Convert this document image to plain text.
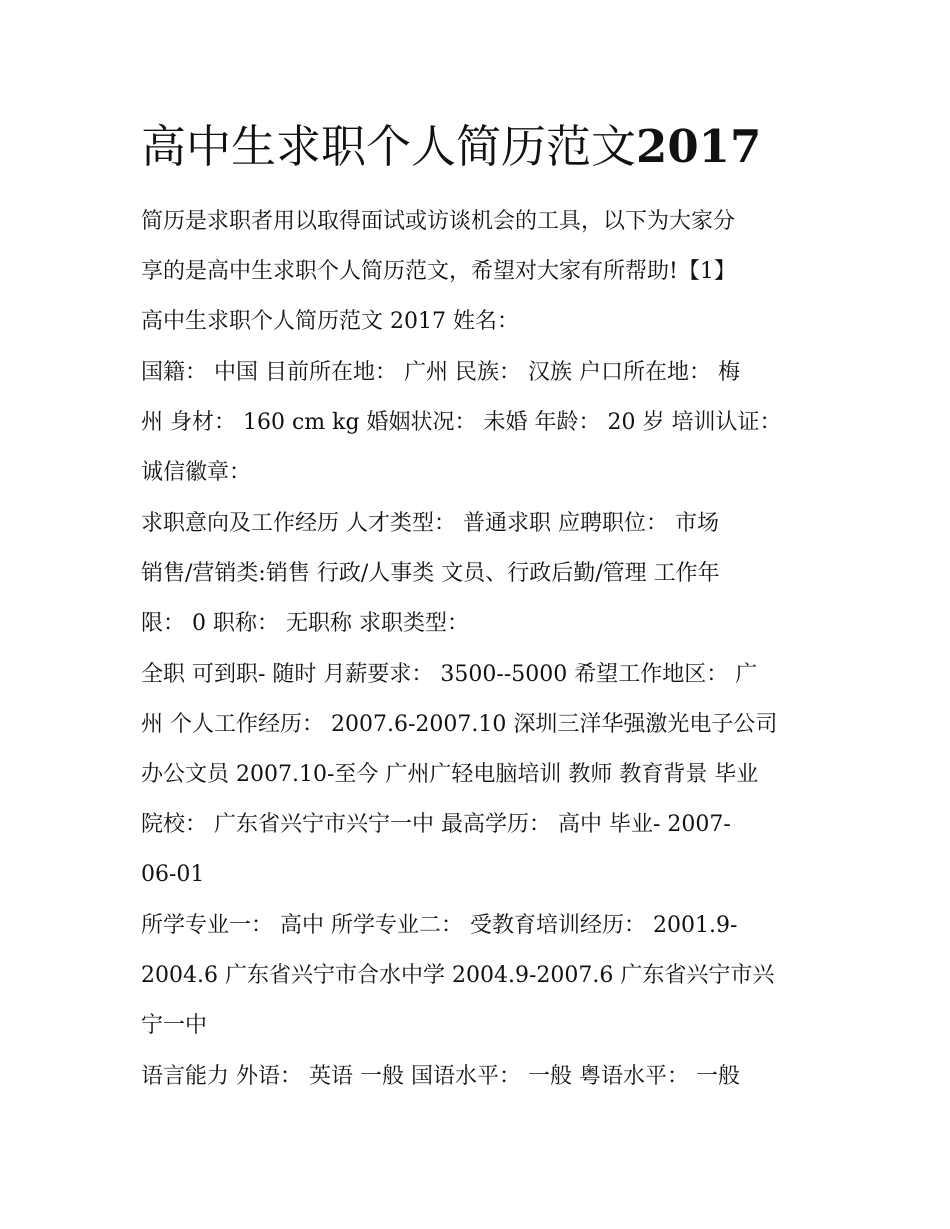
高中生求职个人简历范文2017
简历是求职者用以取得面试或访谈机会的工具，以下为大家分
享的是高中生求职个人简历范文，希望对大家有所帮助!【1】
高中生求职个人简历范文 2017 姓名：
国籍： 中国 目前所在地： 广州 民族： 汉族 户口所在地： 梅
州 身材： 160 cm kg 婚姻状况： 未婚 年龄： 20 岁 培训认证：
诚信徽章：
求职意向及工作经历 人才类型： 普通求职 应聘职位： 市场
销售/营销类:销售 行政/人事类 文员、行政后勤/管理 工作年
限： 0 职称： 无职称 求职类型：
全职 可到职- 随时 月薪要求： 3500--5000 希望工作地区： 广
州 个人工作经历： 2007.6-2007.10 深圳三洋华强激光电子公司
办公文员 2007.10-至今 广州广轻电脑培训 教师 教育背景 毕业
院校： 广东省兴宁市兴宁一中 最高学历： 高中 毕业- 2007-
06-01
所学专业一： 高中 所学专业二： 受教育培训经历： 2001.9-
2004.6 广东省兴宁市合水中学 2004.9-2007.6 广东省兴宁市兴
宁一中
语言能力 外语： 英语 一般 国语水平： 一般 粤语水平： 一般
